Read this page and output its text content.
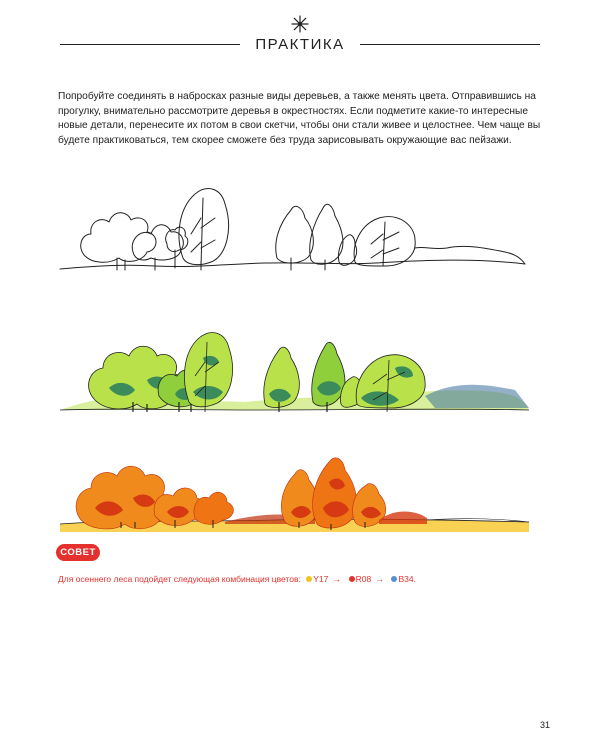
ПРАКТИКА

Попробуйте соединять в набросках разные виды деревьев, а также менять цвета. Отправившись на прогулку, внимательно рассмотрите деревья в окрестностях. Если подметите какие-то интересные новые детали, перенесите их потом в свои скетчи, чтобы они стали живее и целостнее. Чем чаще вы будете практиковаться, тем скорее сможете без труда зарисовывать окружающие вас пейзажи.

СОВЕТ
Для осеннего леса подойдет следующая комбинация цветов: Y17 → R08 → B34.
31
